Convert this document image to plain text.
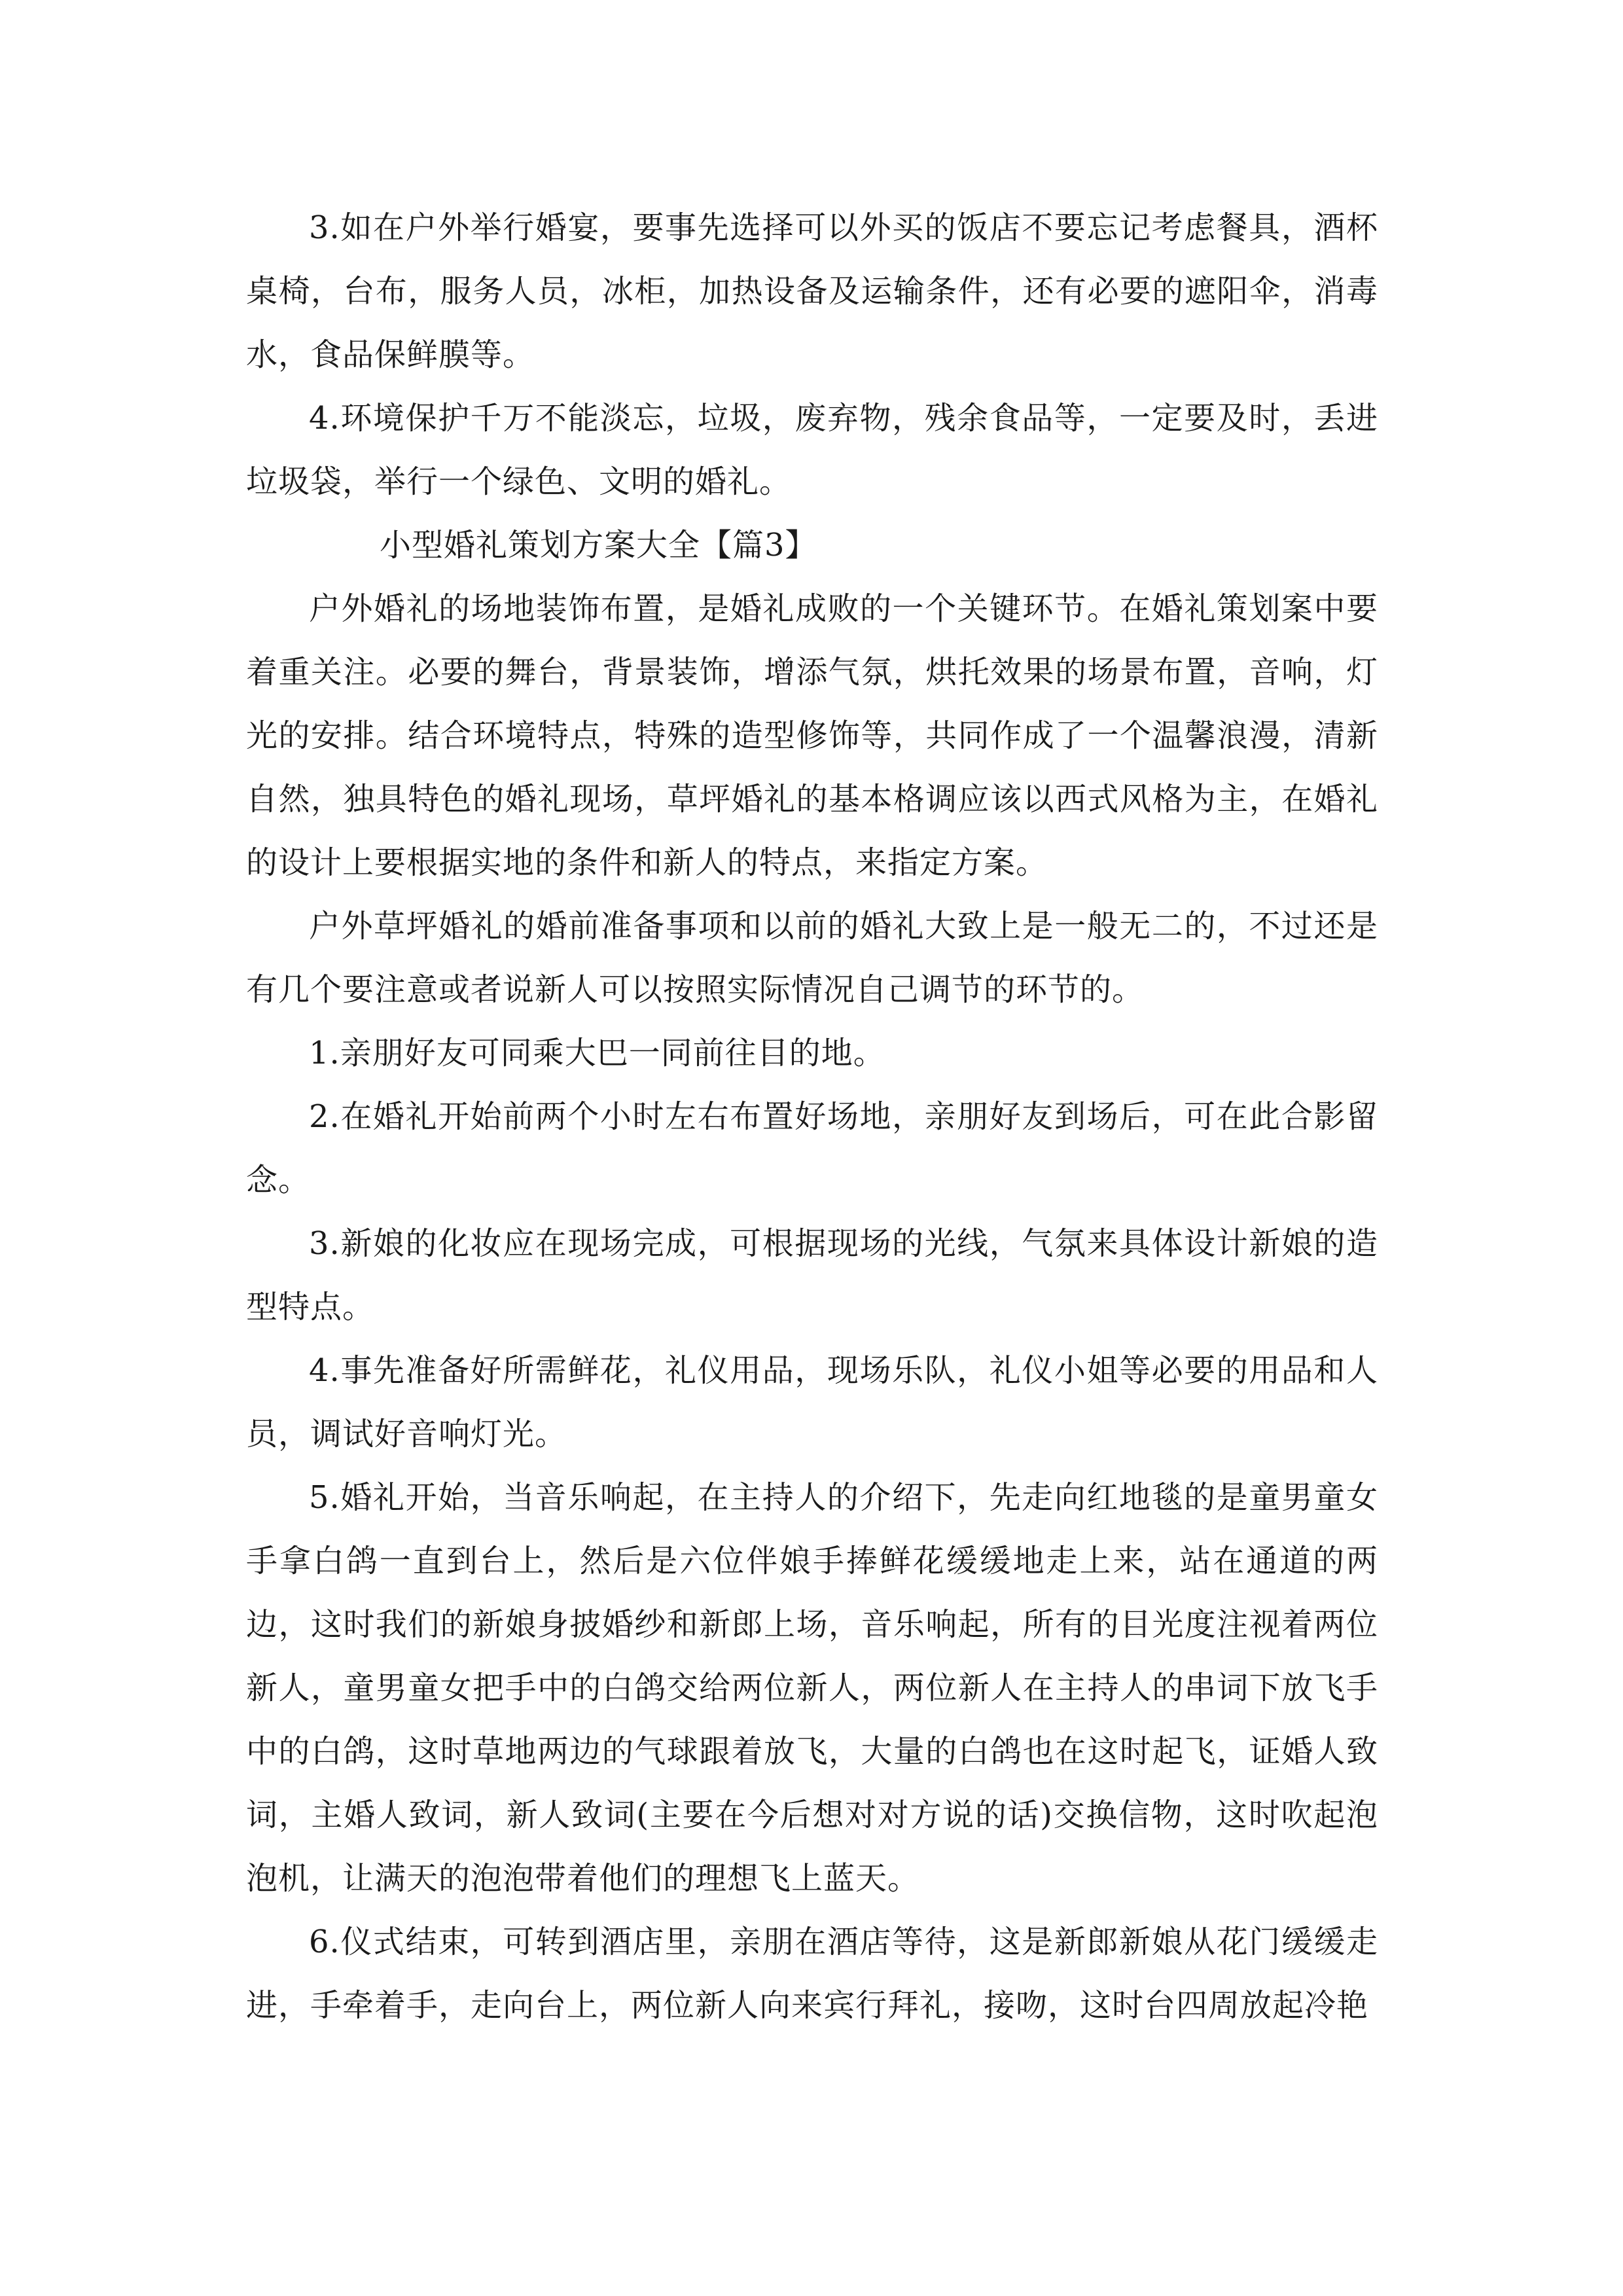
3.如在户外举行婚宴，要事先选择可以外买的饭店不要忘记考虑餐具，酒杯桌椅，台布，服务人员，冰柜，加热设备及运输条件，还有必要的遮阳伞，消毒水，食品保鲜膜等。

4.环境保护千万不能淡忘，垃圾，废弃物，残余食品等，一定要及时，丢进垃圾袋，举行一个绿色、文明的婚礼。

小型婚礼策划方案大全【篇3】

户外婚礼的场地装饰布置，是婚礼成败的一个关键环节。在婚礼策划案中要着重关注。必要的舞台，背景装饰，增添气氛，烘托效果的场景布置，音响，灯光的安排。结合环境特点，特殊的造型修饰等，共同作成了一个温馨浪漫，清新自然，独具特色的婚礼现场，草坪婚礼的基本格调应该以西式风格为主，在婚礼的设计上要根据实地的条件和新人的特点，来指定方案。

户外草坪婚礼的婚前准备事项和以前的婚礼大致上是一般无二的，不过还是有几个要注意或者说新人可以按照实际情况自己调节的环节的。

1.亲朋好友可同乘大巴一同前往目的地。

2.在婚礼开始前两个小时左右布置好场地，亲朋好友到场后，可在此合影留念。

3.新娘的化妆应在现场完成，可根据现场的光线，气氛来具体设计新娘的造型特点。

4.事先准备好所需鲜花，礼仪用品，现场乐队，礼仪小姐等必要的用品和人员，调试好音响灯光。

5.婚礼开始，当音乐响起，在主持人的介绍下，先走向红地毯的是童男童女手拿白鸽一直到台上，然后是六位伴娘手捧鲜花缓缓地走上来，站在通道的两边，这时我们的新娘身披婚纱和新郎上场，音乐响起，所有的目光度注视着两位新人，童男童女把手中的白鸽交给两位新人，两位新人在主持人的串词下放飞手中的白鸽，这时草地两边的气球跟着放飞，大量的白鸽也在这时起飞，证婚人致词，主婚人致词，新人致词(主要在今后想对对方说的话)交换信物，这时吹起泡泡机，让满天的泡泡带着他们的理想飞上蓝天。

6.仪式结束，可转到酒店里，亲朋在酒店等待，这是新郎新娘从花门缓缓走进，手牵着手，走向台上，两位新人向来宾行拜礼，接吻，这时台四周放起冷艳
